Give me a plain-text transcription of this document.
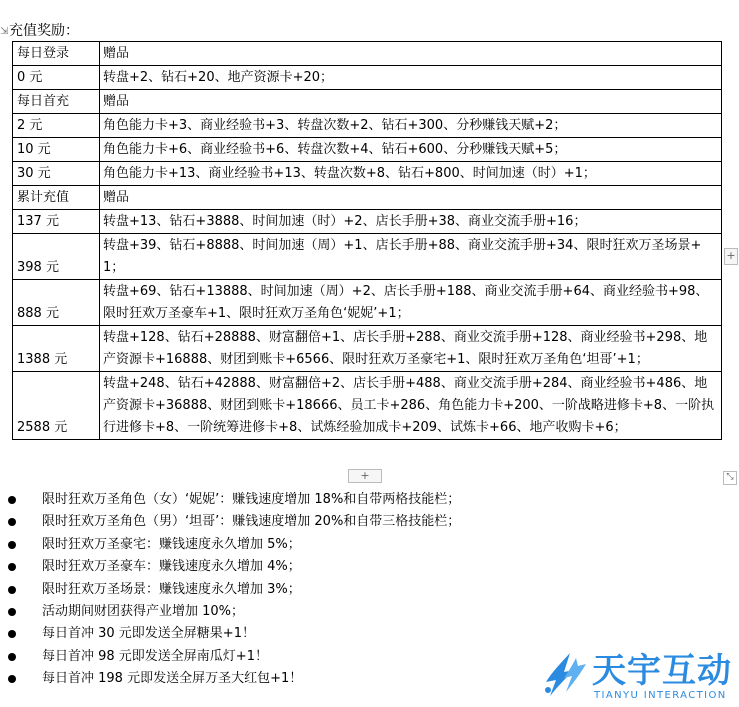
⇲ 充值奖励：
每日登录	赠品
0 元	转盘+2、钻石+20、地产资源卡+20；
每日首充	赠品
2 元	角色能力卡+3、商业经验书+3、转盘次数+2、钻石+300、分秒赚钱天赋+2；
10 元	角色能力卡+6、商业经验书+6、转盘次数+4、钻石+600、分秒赚钱天赋+5；
30 元	角色能力卡+13、商业经验书+13、转盘次数+8、钻石+800、时间加速（时）+1；
累计充值	赠品
137 元	转盘+13、钻石+3888、时间加速（时）+2、店长手册+38、商业交流手册+16；
398 元	转盘+39、钻石+8888、时间加速（周）+1、店长手册+88、商业交流手册+34、限时狂欢万圣场景+1；
888 元	转盘+69、钻石+13888、时间加速（周）+2、店长手册+188、商业交流手册+64、商业经验书+98、限时狂欢万圣豪车+1、限时狂欢万圣角色‘妮妮’+1；
1388 元	转盘+128、钻石+28888、财富翻倍+1、店长手册+288、商业交流手册+128、商业经验书+298、地产资源卡+16888、财团到账卡+6566、限时狂欢万圣豪宅+1、限时狂欢万圣角色‘坦哥’+1；
2588 元	转盘+248、钻石+42888、财富翻倍+2、店长手册+488、商业交流手册+284、商业经验书+486、地产资源卡+36888、财团到账卡+18666、员工卡+286、角色能力卡+200、一阶战略进修卡+8、一阶执行进修卡+8、一阶统筹进修卡+8、试炼经验加成卡+209、试炼卡+66、地产收购卡+6；
+
+	⤡
限时狂欢万圣角色（女）‘妮妮’：赚钱速度增加 18%和自带两格技能栏；
限时狂欢万圣角色（男）‘坦哥’：赚钱速度增加 20%和自带三格技能栏；
限时狂欢万圣豪宅：赚钱速度永久增加 5%；
限时狂欢万圣豪车：赚钱速度永久增加 4%；
限时狂欢万圣场景：赚钱速度永久增加 3%；
活动期间财团获得产业增加 10%；
每日首冲 30 元即发送全屏糖果+1！
每日首冲 98 元即发送全屏南瓜灯+1！
每日首冲 198 元即发送全屏万圣大红包+1！	天宇互动
TIANYU INTERACTION
